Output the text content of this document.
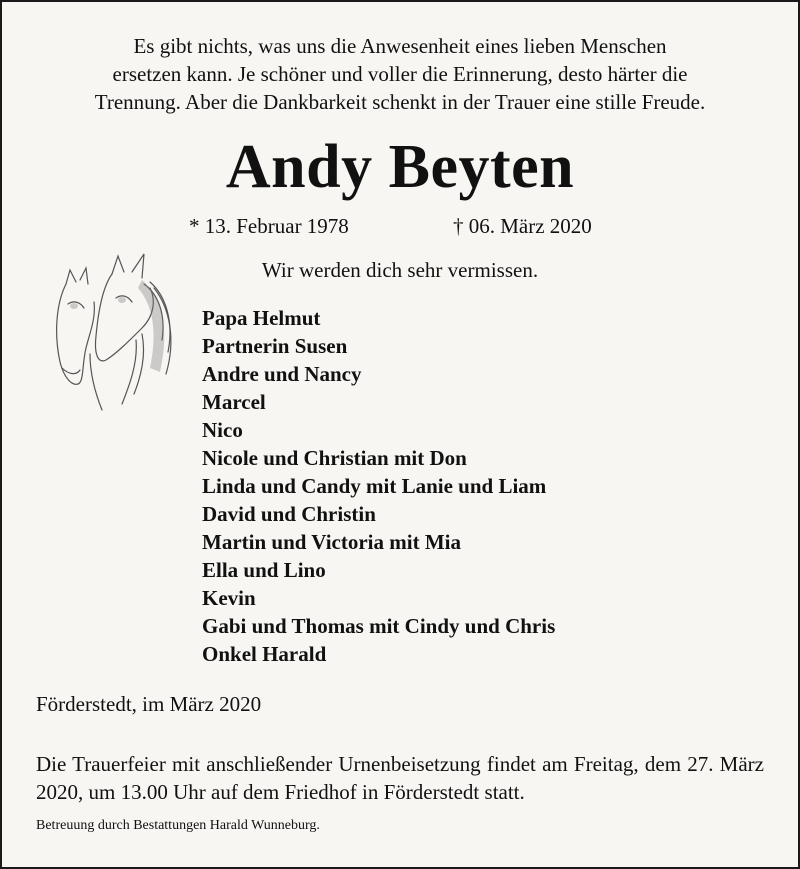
Es gibt nichts, was uns die Anwesenheit eines lieben Menschen
ersetzen kann. Je schöner und voller die Erinnerung, desto härter die
Trennung. Aber die Dankbarkeit schenkt in der Trauer eine stille Freude.
Andy Beyten
* 13. Februar 1978	† 06. März 2020
Wir werden dich sehr vermissen.
Papa Helmut
Partnerin Susen
Andre und Nancy
Marcel
Nico
Nicole und Christian mit Don
Linda und Candy mit Lanie und Liam
David und Christin
Martin und Victoria mit Mia
Ella und Lino
Kevin
Gabi und Thomas mit Cindy und Chris
Onkel Harald
Förderstedt, im März 2020
Die Trauerfeier mit anschließender Urnenbeisetzung findet am Freitag, dem 27. März 2020, um 13.00 Uhr auf dem Friedhof in Förderstedt statt.
Betreuung durch Bestattungen Harald Wunneburg.
